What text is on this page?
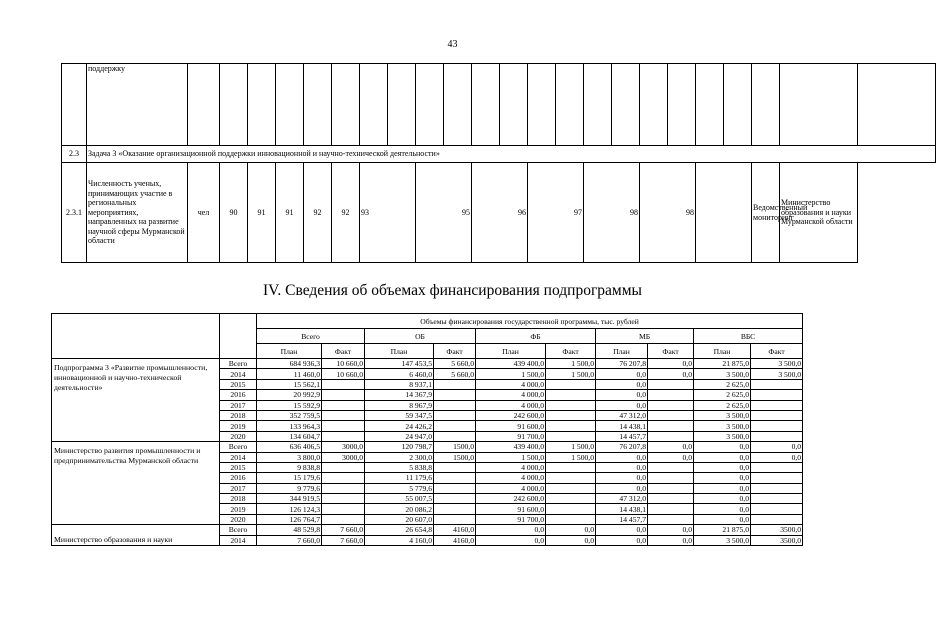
43
	поддержку																							
2.3	Задача 3 «Оказание организационной поддержки инновационной и научно-технической деятельности»																							
2.3.1	Численность ученых, принимающих участие в региональных мероприятиях, направленных на развитие научной сферы Мурманской области	чел	90	91	91	92	92	93		95		96		97		98		98				Ведомственный мониторинг	Министерство образования и науки Мурманской области	
IV. Сведения об объемах финансирования подпрограммы
		Объемы финансирования государственной программы, тыс. рублей									
		Всего		ОБ		ФБ		МБ		ВБС	
		План	Факт	План	Факт	План	Факт	План	Факт	План	Факт
Подпрограмма 3 «Развитие промышленности, инновационной и научно-технической деятельности»	Всего	684 936,3	10 660,0	147 453,5	5 660,0	439 400,0	1 500,0	76 207,8	0,0	21 875,0	3 500,0
	2014	11 460,0	10 660,0	6 460,0	5 660,0	1 500,0	1 500,0	0,0	0,0	3 500,0	3 500,0
	2015	15 562,1		8 937,1		4 000,0		0,0		2 625,0	
	2016	20 992,9		14 367,9		4 000,0		0,0		2 625,0	
	2017	15 592,9		8 967,9		4 000,0		0,0		2 625,0	
	2018	352 759,5		59 347,5		242 600,0		47 312,0		3 500,0	
	2019	133 964,3		24 426,2		91 600,0		14 438,1		3 500,0	
	2020	134 604,7		24 947,0		91 700,0		14 457,7		3 500,0	
Министерство развития промышленности и предпринимательства Мурманской области	Всего	636 406,5	3000,0	120 798,7	1500,0	439 400,0	1 500,0	76 207,8	0,0	0,0	0,0
	2014	3 800,0	3000,0	2 300,0	1500,0	1 500,0	1 500,0	0,0	0,0	0,0	0,0
	2015	9 838,8		5 838,8		4 000,0		0,0		0,0	
	2016	15 179,6		11 179,6		4 000,0		0,0		0,0	
	2017	9 779,6		5 779,6		4 000,0		0,0		0,0	
	2018	344 919,5		55 007,5		242 600,0		47 312,0		0,0	
	2019	126 124,3		20 086,2		91 600,0		14 438,1		0,0	
	2020	126 764,7		20 607,0		91 700,0		14 457,7		0,0	
Министерство образования и науки	Всего	48 529,8	7 660,0	26 654,8	4160,0	0,0	0,0	0,0	0,0	21 875,0	3500,0
	2014	7 660,0	7 660,0	4 160,0	4160,0	0,0	0,0	0,0	0,0	3 500,0	3500,0
